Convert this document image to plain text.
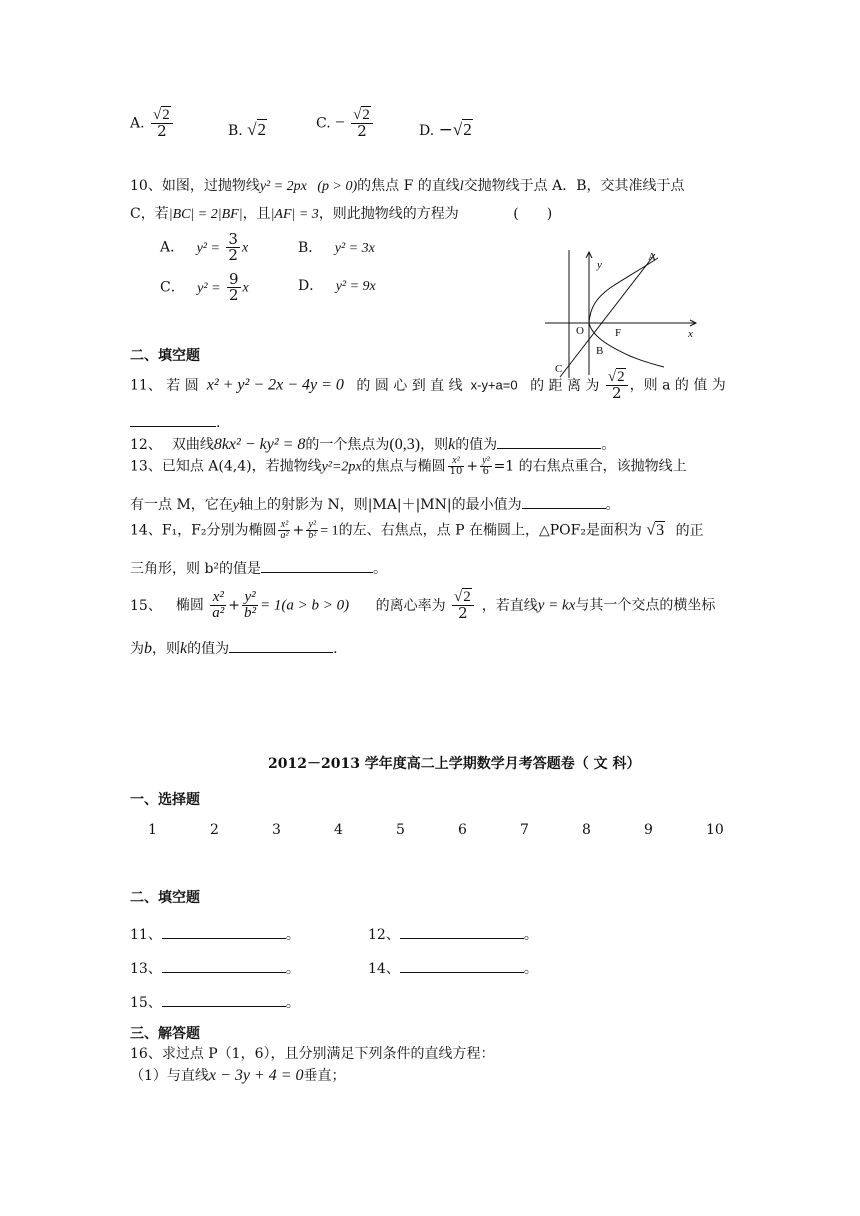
A. $\frac{√2}{2}$	B. √2	C. − $\frac{√2}{2}$	D. −√2
10、如图，过抛物线y² = 2px (p > 0)的焦点 F 的直线l交抛物线于点 A．B，交其准线于点
C，若|BC| = 2|BF|，且|AF| = 3，则此抛物线的方程为	(　　)
A． $y^2 = \frac{3}{2}$ x	B． y² = 3x
C． $y^2 = \frac{9}{2}$ x	D． y² = 9x
y
x
O	F
B
C
A
二、填空题
11、 若 圆 x² + y² − 2x − 4y = 0 的 圆 心 到 直 线 x-y+a=0 的 距 离 为 $\frac{√2}{2}$ ，则 a 的 值 为
.
12、 双曲线8kx² − ky² = 8的一个焦点为(0,3)，则k的值为	。
13、已知点 A(4,4)，若抛物线y²=2px的焦点与椭圆 $\frac{\text{x²}}{10} + \frac{\text{y²}}{6} =1$ 的右焦点重合，该抛物线上
有一点 M，它在y轴上的射影为 N，则|MA|＋|MN|的最小值为	。
14、F₁，F₂分别为椭圆 $\frac{\text{x²}}{\text{a²}} + \frac{\text{y²}}{\text{b²}} = 1$的左、右焦点，点 P 在椭圆上，△POF₂是面积为 √3 的正
三角形，则 b²的值是	。
15、 椭圆 $\frac{\text{x²}}{\text{a²}} + \frac{\text{y²}}{\text{b²}} = 1(a > b > 0)$ 的离心率为 $\frac{√2}{2}$ ，若直线y = kx与其一个交点的横坐标
为b，则k的值为	.
2012－2013 学年度高二上学期数学月考答题卷（ 文 科）
一、选择题
1	2	3	4	5	6	7	8	9	10
二、填空题
11、	。	12、	。
13、	。	14、	。
15、	。
三、解答题
16、求过点 P（1，6），且分别满足下列条件的直线方程：
（1）与直线x − 3y + 4 = 0垂直；
